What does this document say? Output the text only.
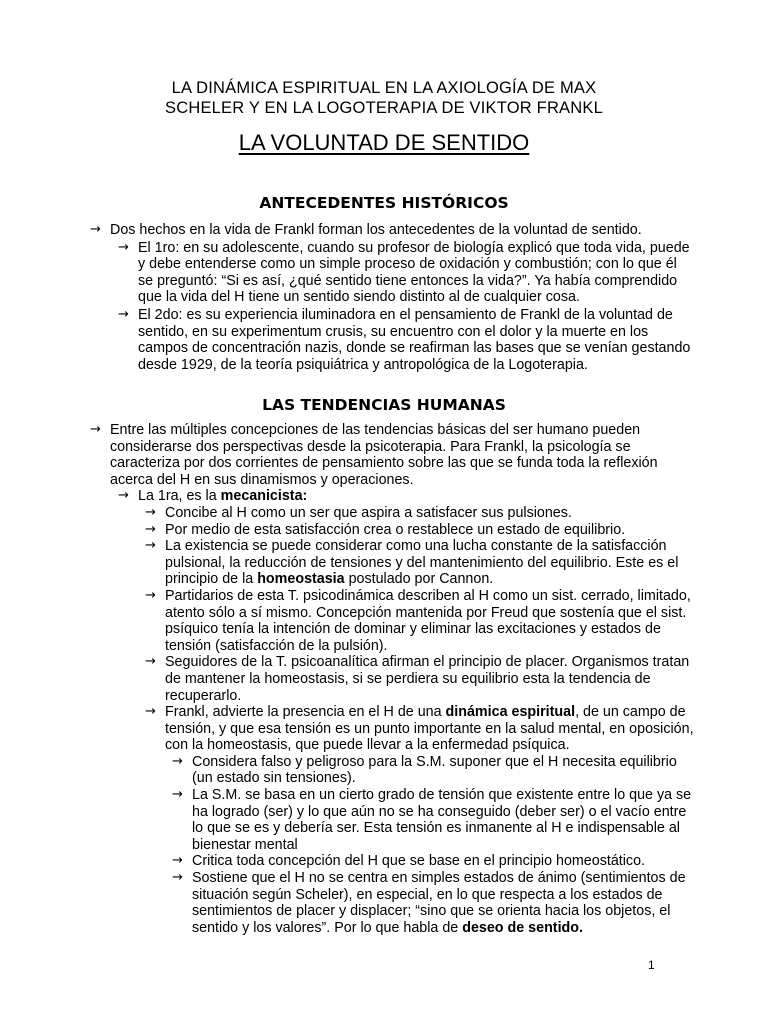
LA DINÁMICA ESPIRITUAL EN LA AXIOLOGÍA DE MAX
SCHELER Y EN LA LOGOTERAPIA DE VIKTOR FRANKL
LA VOLUNTAD DE SENTIDO
ANTECEDENTES HISTÓRICOS

→ Dos hechos en la vida de Frankl forman los antecedentes de la voluntad de sentido.

→ El 1ro: en su adolescente, cuando su profesor de biología explicó que toda vida, puede y debe entenderse como un simple proceso de oxidación y combustión; con lo que él se preguntó: “Si es así, ¿qué sentido tiene entonces la vida?”. Ya había comprendido que la vida del H tiene un sentido siendo distinto al de cualquier cosa.

→ El 2do: es su experiencia iluminadora en el pensamiento de Frankl de la voluntad de sentido, en su experimentum crusis, su encuentro con el dolor y la muerte en los campos de concentración nazis, donde se reafirman las bases que se venían gestando desde 1929, de la teoría psiquiátrica y antropológica de la Logoterapia.

LAS TENDENCIAS HUMANAS

→ Entre las múltiples concepciones de las tendencias básicas del ser humano pueden considerarse dos perspectivas desde la psicoterapia. Para Frankl, la psicología se caracteriza por dos corrientes de pensamiento sobre las que se funda toda la reflexión acerca del H en sus dinamismos y operaciones.

→ La 1ra, es la mecanicista:

→ Concibe al H como un ser que aspira a satisfacer sus pulsiones.

→ Por medio de esta satisfacción crea o restablece un estado de equilibrio.

→ La existencia se puede considerar como una lucha constante de la satisfacción pulsional, la reducción de tensiones y del mantenimiento del equilibrio. Este es el principio de la homeostasia postulado por Cannon.

→ Partidarios de esta T. psicodinámica describen al H como un sist. cerrado, limitado, atento sólo a sí mismo. Concepción mantenida por Freud que sostenía que el sist. psíquico tenía la intención de dominar y eliminar las excitaciones y estados de tensión (satisfacción de la pulsión).

→ Seguidores de la T. psicoanalítica afirman el principio de placer. Organismos tratan de mantener la homeostasis, si se perdiera su equilibrio esta la tendencia de recuperarlo.

→ Frankl, advierte la presencia en el H de una dinámica espiritual, de un campo de tensión, y que esa tensión es un punto importante en la salud mental, en oposición, con la homeostasis, que puede llevar a la enfermedad psíquica.

→ Considera falso y peligroso para la S.M. suponer que el H necesita equilibrio (un estado sin tensiones).

→ La S.M. se basa en un cierto grado de tensión que existente entre lo que ya se ha logrado (ser) y lo que aún no se ha conseguido (deber ser) o el vacío entre lo que se es y debería ser. Esta tensión es inmanente al H e indispensable al bienestar mental

→ Critica toda concepción del H que se base en el principio homeostático.

→ Sostiene que el H no se centra en simples estados de ánimo (sentimientos de situación según Scheler), en especial, en lo que respecta a los estados de sentimientos de placer y displacer; “sino que se orienta hacia los objetos, el sentido y los valores”. Por lo que habla de deseo de sentido.

1
